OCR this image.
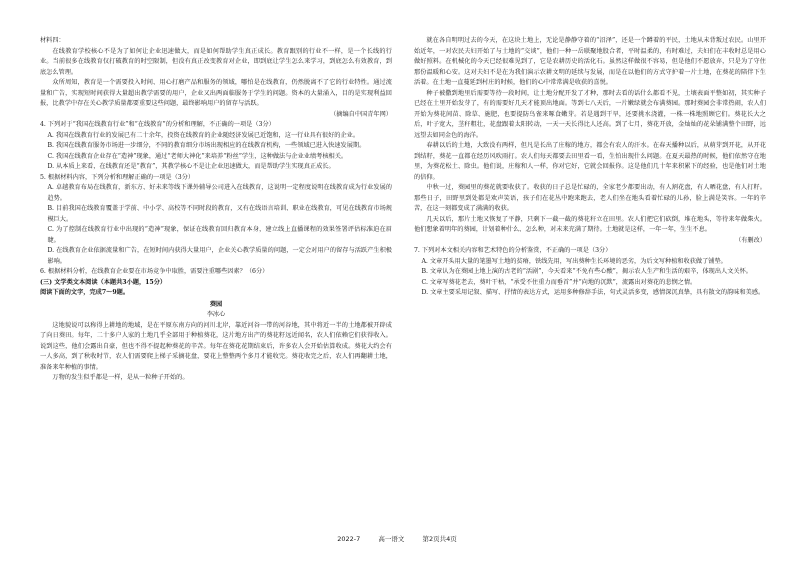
材料四：

在线教育学校核心不是为了如何让企业迅速做大，而是如何帮助学生真正成长。教育跟别的行业不一样，是一个长线的行业。当前很多在线教育仅打破教育的时空限制，但没有真正改变教育对企业，即到底让学生怎么来学习，到底怎么有效教育，到底怎么管理。

众所周知，教育是一个需要投入时间、用心打磨产品和服务的领域，哪怕是在线教育，仍然脱离不了它的行业特性。通过流量和广告，实现短时间获得大量超出教学需要的用户，企业又出两面临服务于学生的问题。资本的大量涌入，目的是实现利益回报，比教学中存在关心教学质量都要重要这些问题，最终影响用户的留存与活跃。

（摘编自中国青年网）

4. 下列对于“我国在线教育行业”和“在线教育”的分析和理解，不正确的一项是（3分）

A. 我国在线教育行业的发展已有二十余年，投资在线教育的企业随经济发展已近饱和，这一行业具有很好的企业。

B. 我国在线教育服务市场进一步细分，不同的教育细分市场出现相应的在线教育机构，一些领域已进入快速发展期。

C. 我国在线教育企业存在“造神”现象，通过“老师大神化”来培养“粉丝”学生，这种做法与企业业绩考核相关。

D. 从本质上来看，在线教育还是“教育”，其教学核心不是让企业迅速做大，而是帮助学生实现真正成长。

5. 根据材料内容，下列分析和理解正确的一项是（3分）

A. 卓越教育布局在线教育，新东方、好未来等线下课外辅导公司进入在线教育，这说明一定程度说明在线教育成为行业发展的趋势。

B. 目前我国在线教育覆盖于学前、中小学、高校等不同时段的教育，又有在线语言培训、职业在线教育，可见在线教育市场规模巨大。

C. 为了控制在线教育行业中出现的“造神”现象，保证在线教育回归教育本身，建立线上直播课程的效果签署评估标准迫在眉睫。

D. 在线教育企业依据流量和广告，在短时间内获得大量用户，企业关心教学质量的问题，一定会对用户的留存与活跃产生积极影响。

6. 根据材料分析，在线教育企业要在市场竞争中取胜，需要注重哪些因素？（6分）

(三) 文学类文本阅读（本题共3小题，15分）

阅读下面的文字，完成7～9题。

葵园

李冰心

这地貌说可以称得上耕地的地域，是在平原东南方向的河川北岸，靠近河谷一带的河谷地，其中将近一半的土地都被开辟成了向日葵田。每年，二十多户人家的土地几乎全部用于种植葵花，这片地方出产的葵花籽远近闻名，农人们依赖它们获得收入。说到这些，他们会露出自豪，但也不得不提起种葵花的辛苦。每年在葵花花期结束后，许多农人会开始估算收成。葵花大约会有一人多高，到了秋收时节，农人们需要爬上梯子采摘花盘，要花上整整两个多月才能收完。葵花收完之后，农人们再翻耕土地，准备来年种植的事情。

万物的发生似乎都是一样，是从一粒种子开始的。

就在各自明明过去的今天，在这块土地上，无论是静静守着的“沼泽”，还是一个蹲着的平民，土地从未背叛过农民。山里开始近年，一对农民夫妇开始了与土地的“交谈”，他们一种一岳联聚地股合者，平时温柔的，有时难过，夫妇们在丰收时总是用心做好照料。在机械化的今天已经很难见到了，它是农耕历史的活化石。虽然这样做很不容易，但是他们不愿放弃，只是为了守住那份温暖和心安。这对夫妇不是在为我们演示农耕文明的延续与发展，而是在以他们的方式守护着一片土地，在葵花的陪伴下生活着。在土地一直蔓延到村庄的时候，他们的心中常常满是收获的喜悦。

种子被撒到地里后需要等待一段时间，让土地分配开发了才种，那时去看的话什么都看不见，土壤表面平整如初，其实种子已经在土里开始发芽了，有的需要好几天才能顶出地面。等到七八天后，一片嫩绿就会布满葵园。那时葵园会非常热闹，农人们开始为葵花间苗、除草、施肥，也要提防鸟雀来啄食嫩芽。若是遇到干旱，还要挑水浇灌，一株一株地照顾它们。葵花长大之后，叶子宽大，茎秆粗壮，花盘跟着太阳转动，一天一天长得比人还高。到了七月，葵花开放，金灿灿的花朵铺满整个田野，远远望去如同金色的海洋。

春耕以后的土地，大致没有两样，但凡是长出了庄稼的地方，都会有农人的汗水。在春天播种以后，从萌芽到开花，从开花到结籽，葵花一直都在经历风吹雨打。农人们每天都要去田里看一看，生怕出现什么问题。在夏天最热的时候，他们依然守在地里，为葵花松土、除虫。他们说，庄稼和人一样，你对它好，它就会回报你。这是他们几十年来积累下的经验，也是他们对土地的信仰。

中秋一过，葵园里的葵花就要收获了。收获的日子总是忙碌的，全家老少都要出动，有人割花盘，有人晒花盘，有人打籽。那些日子，田野里到处都是欢声笑语，孩子们在花丛中跑来跑去，老人们坐在地头看着忙碌的儿孙，脸上满是笑容。一年的辛苦，在这一刻都变成了满满的收获。

几天以后，那片土地又恢复了平静，只剩下一截一截的葵花秆立在田里。农人们把它们砍倒，堆在地头，等待来年做柴火。他们想象着明年的葵园，计划着种什么、怎么种，对未来充满了期待。土地就是这样，一年一年，生生不息。

（有删改）

7. 下列对本文相关内容和艺术特色的分析鉴赏，不正确的一项是（3分）

A. 文章开头用大量的笔墨写土地的贫瘠，铁线先用，写出葵种生长环境的恶劣，为后文写种植和收获做了铺垫。

B. 文章认为在葵园上地上演的古老的“活剧”，今天看来“不免有些心酸”，揭示农人生产和生活的艰辛，体现出人文关怀。

C. 文章写葵花老去，葵叶干枯，“承受不住重力而垂首”并“向地的沉默”，流露出对葵花的悲悯之情。

D. 文章主要采用记叙、描写、抒情的表达方式，运用多种修辞手法，句式灵活多变，感情深沉真挚，具有散文的韵味和美感。

2022-7	高一语文	第2页共4页
